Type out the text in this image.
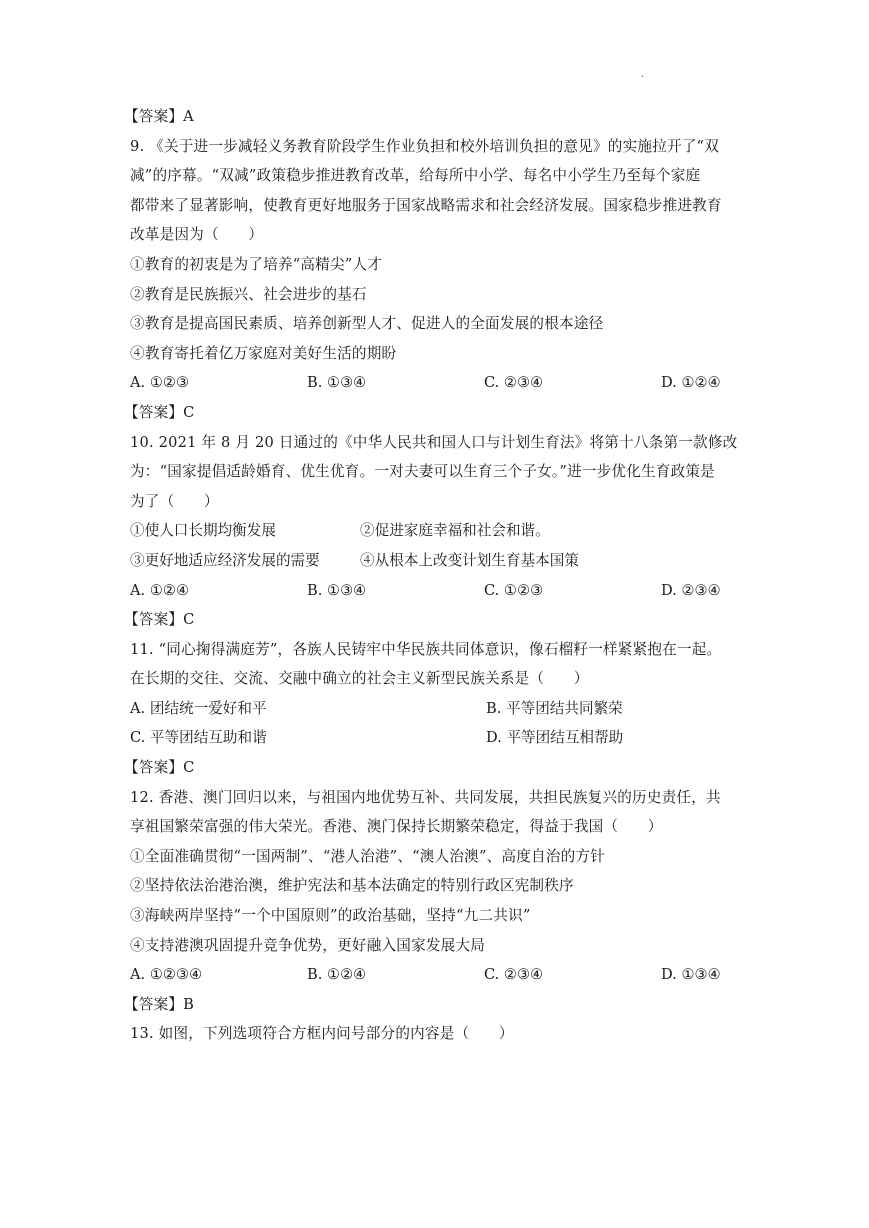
·
【答案】A
9. 《关于进一步减轻义务教育阶段学生作业负担和校外培训负担的意见》的实施拉开了“双
减”的序幕。“双减”政策稳步推进教育改革，给每所中小学、每名中小学生乃至每个家庭
都带来了显著影响，使教育更好地服务于国家战略需求和社会经济发展。国家稳步推进教育
改革是因为（　　）
①教育的初衷是为了培养“高精尖”人才
②教育是民族振兴、社会进步的基石
③教育是提高国民素质、培养创新型人才、促进人的全面发展的根本途径
④教育寄托着亿万家庭对美好生活的期盼
A. ①②③	B. ①③④	C. ②③④	D. ①②④
【答案】C
10. 2021 年 8 月 20 日通过的《中华人民共和国人口与计划生育法》将第十八条第一款修改
为：“国家提倡适龄婚育、优生优育。一对夫妻可以生育三个子女。”进一步优化生育政策是
为了（　　）
①使人口长期均衡发展	②促进家庭幸福和社会和谐。
③更好地适应经济发展的需要	④从根本上改变计划生育基本国策
A. ①②④	B. ①③④	C. ①②③	D. ②③④
【答案】C
11. “同心掬得满庭芳”，各族人民铸牢中华民族共同体意识，像石榴籽一样紧紧抱在一起。
在长期的交往、交流、交融中确立的社会主义新型民族关系是（　　）
A. 团结统一爱好和平	B. 平等团结共同繁荣
C. 平等团结互助和谐	D. 平等团结互相帮助
【答案】C
12. 香港、澳门回归以来，与祖国内地优势互补、共同发展，共担民族复兴的历史责任，共
享祖国繁荣富强的伟大荣光。香港、澳门保持长期繁荣稳定，得益于我国（　　）
①全面准确贯彻“一国两制”、“港人治港”、“澳人治澳”、高度自治的方针
②坚持依法治港治澳，维护宪法和基本法确定的特别行政区宪制秩序
③海峡两岸坚持“一个中国原则”的政治基础，坚持“九二共识”
④支持港澳巩固提升竞争优势，更好融入国家发展大局
A. ①②③④	B. ①②④	C. ②③④	D. ①③④
【答案】B
13. 如图，下列选项符合方框内问号部分的内容是（　　）
